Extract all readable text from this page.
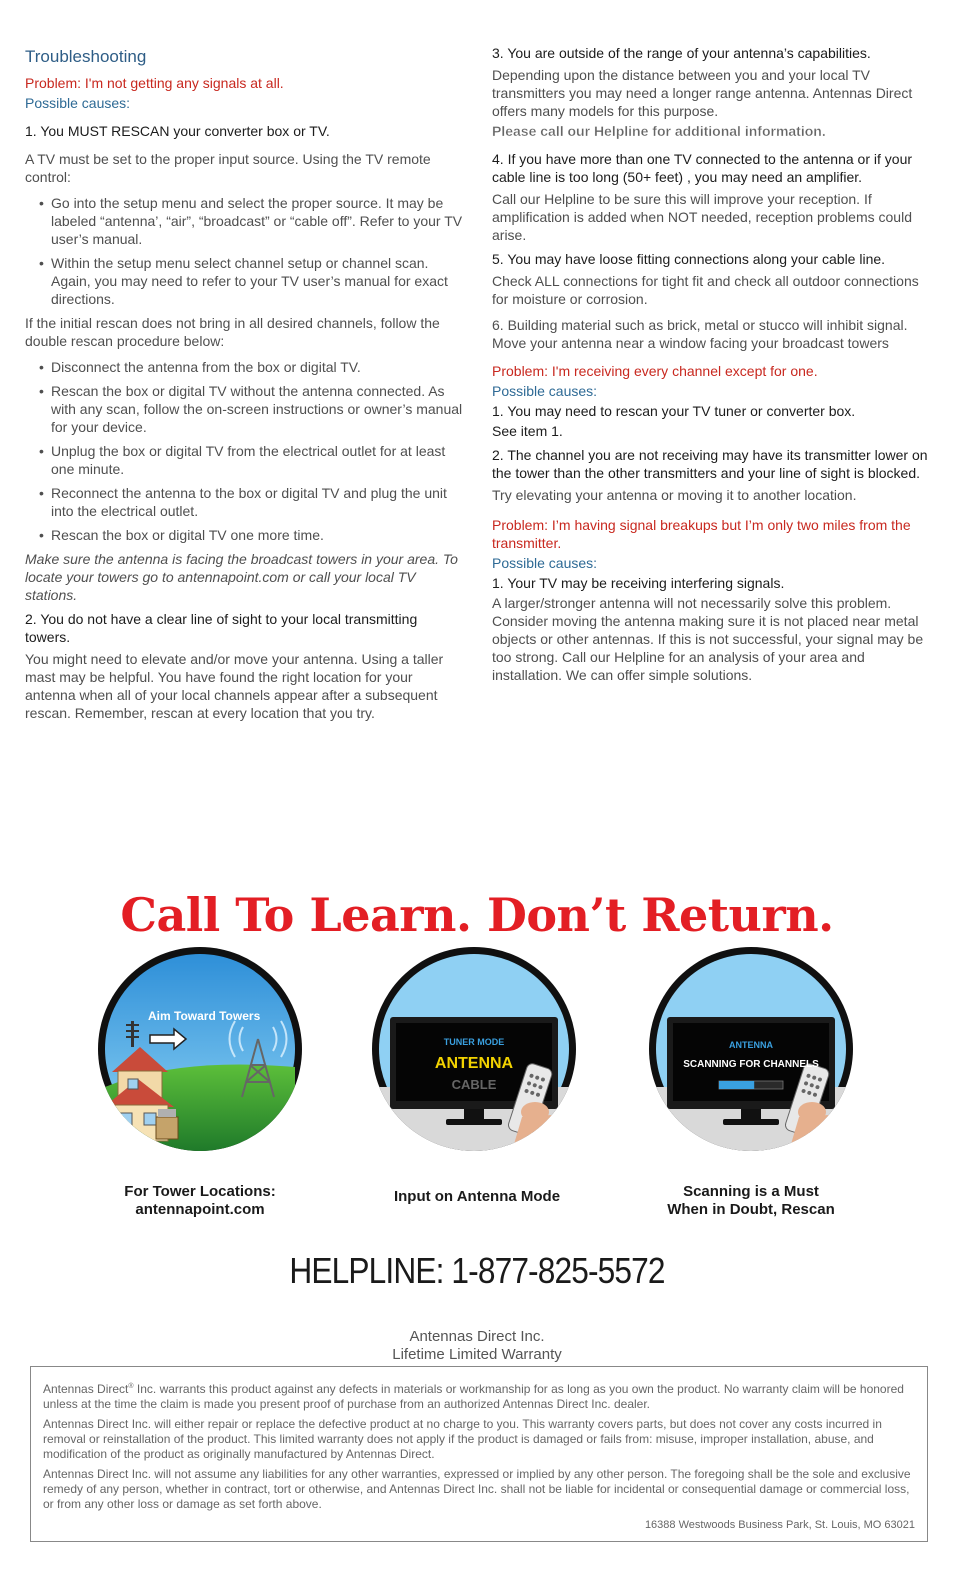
Troubleshooting
Problem: I'm not getting any signals at all.
Possible causes:
1. You MUST RESCAN your converter box or TV.
A TV must be set to the proper input source. Using the TV remote control:
• Go into the setup menu and select the proper source. It may be labeled “antenna’, “air”, “broadcast” or “cable off”. Refer to your TV user’s manual.
• Within the setup menu select channel setup or channel scan. Again, you may need to refer to your TV user’s manual for exact directions.
If the initial rescan does not bring in all desired channels, follow the double rescan procedure below:
• Disconnect the antenna from the box or digital TV.
• Rescan the box or digital TV without the antenna connected. As with any scan, follow the on-screen instructions or owner’s manual for your device.
• Unplug the box or digital TV from the electrical outlet for at least one minute.
• Reconnect the antenna to the box or digital TV and plug the unit into the electrical outlet.
• Rescan the box or digital TV one more time.
Make sure the antenna is facing the broadcast towers in your area. To locate your towers go to antennapoint.com or call your local TV stations.
2. You do not have a clear line of sight to your local transmitting towers.
You might need to elevate and/or move your antenna. Using a taller mast may be helpful. You have found the right location for your antenna when all of your local channels appear after a subsequent rescan. Remember, rescan at every location that you try.
3. You are outside of the range of your antenna’s capabilities.
Depending upon the distance between you and your local TV transmitters you may need a longer range antenna. Antennas Direct offers many models for this purpose.
Please call our Helpline for additional information.
4. If you have more than one TV connected to the antenna or if your cable line is too long (50+ feet) , you may need an amplifier.
Call our Helpline to be sure this will improve your reception. If amplification is added when NOT needed, reception problems could arise.
5. You may have loose fitting connections along your cable line.
Check ALL connections for tight fit and check all outdoor connections for moisture or corrosion.
6. Building material such as brick, metal or stucco will inhibit signal. Move your antenna near a window facing your broadcast towers
Problem: I'm receiving every channel except for one.
Possible causes:
1. You may need to rescan your TV tuner or converter box.
See item 1.
2. The channel you are not receiving may have its transmitter lower on the tower than the other transmitters and your line of sight is blocked.
Try elevating your antenna or moving it to another location.
Problem: I’m having signal breakups but I’m only two miles from the transmitter.
Possible causes:
1. Your TV may be receiving interfering signals.
A larger/stronger antenna will not necessarily solve this problem. Consider moving the antenna making sure it is not placed near metal objects or other antennas. If this is not successful, your signal may be too strong. Call our Helpline for an analysis of your area and installation. We can offer simple solutions.
Call To Learn. Don’t Return.
Aim Toward Towers
For Tower Locations:
antennapoint.com
TUNER MODE
ANTENNA
CABLE
Input on Antenna Mode
ANTENNA
SCANNING FOR CHANNELS
Scanning is a Must
When in Doubt, Rescan
HELPLINE: 1-877-825-5572
Antennas Direct Inc.
Lifetime Limited Warranty

Antennas Direct® Inc. warrants this product against any defects in materials or workmanship for as long as you own the product. No warranty claim will be honored unless at the time the claim is made you present proof of purchase from an authorized Antennas Direct Inc. dealer.

Antennas Direct Inc. will either repair or replace the defective product at no charge to you. This warranty covers parts, but does not cover any costs incurred in removal or reinstallation of the product. This limited warranty does not apply if the product is damaged or fails from: misuse, improper installation, abuse, and modification of the product as originally manufactured by Antennas Direct.

Antennas Direct Inc. will not assume any liabilities for any other warranties, expressed or implied by any other person. The foregoing shall be the sole and exclusive remedy of any person, whether in contract, tort or otherwise, and Antennas Direct Inc. shall not be liable for incidental or consequential damage or commercial loss, or from any other loss or damage as set forth above.

16388 Westwoods Business Park, St. Louis, MO 63021
